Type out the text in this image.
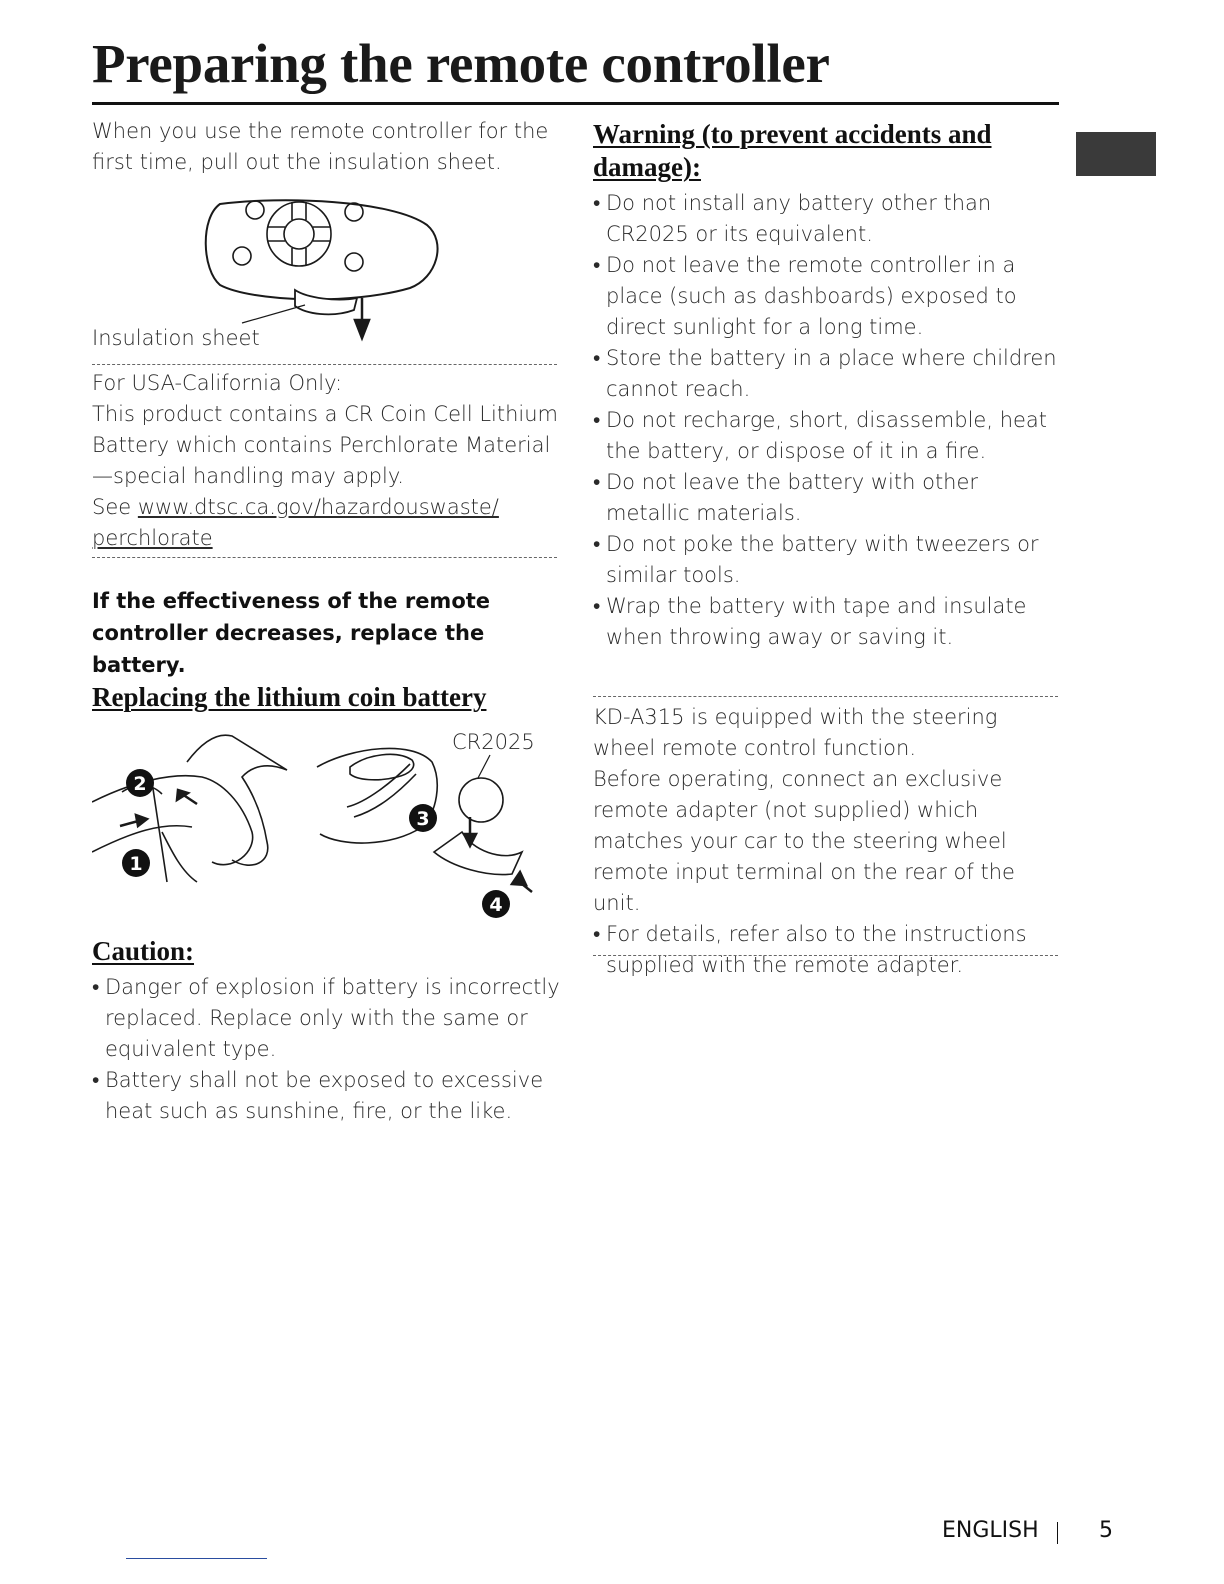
Preparing the remote controller

When you use the remote controller for the first time, pull out the insulation sheet.

Insulation sheet

For USA-California Only:

This product contains a CR Coin Cell Lithium Battery which contains Perchlorate Material—special handling may apply.

See www.dtsc.ca.gov/hazardouswaste/

perchlorate

If the effectiveness of the remote controller decreases, replace the battery.

Replacing the lithium coin battery

CR2025
1
2
3
4

Caution:

• Danger of explosion if battery is incorrectly replaced. Replace only with the same or equivalent type.
• Battery shall not be exposed to excessive heat such as sunshine, fire, or the like.

Warning (to prevent accidents and damage):

• Do not install any battery other than CR2025 or its equivalent.
• Do not leave the remote controller in a place (such as dashboards) exposed to direct sunlight for a long time.
• Store the battery in a place where children cannot reach.
• Do not recharge, short, disassemble, heat the battery, or dispose of it in a fire.
• Do not leave the battery with other metallic materials.
• Do not poke the battery with tweezers or similar tools.
• Wrap the battery with tape and insulate when throwing away or saving it.

KD-A315 is equipped with the steering wheel remote control function.
Before operating, connect an exclusive remote adapter (not supplied) which matches your car to the steering wheel remote input terminal on the rear of the unit.

• For details, refer also to the instructions supplied with the remote adapter.
ENGLISH	5
